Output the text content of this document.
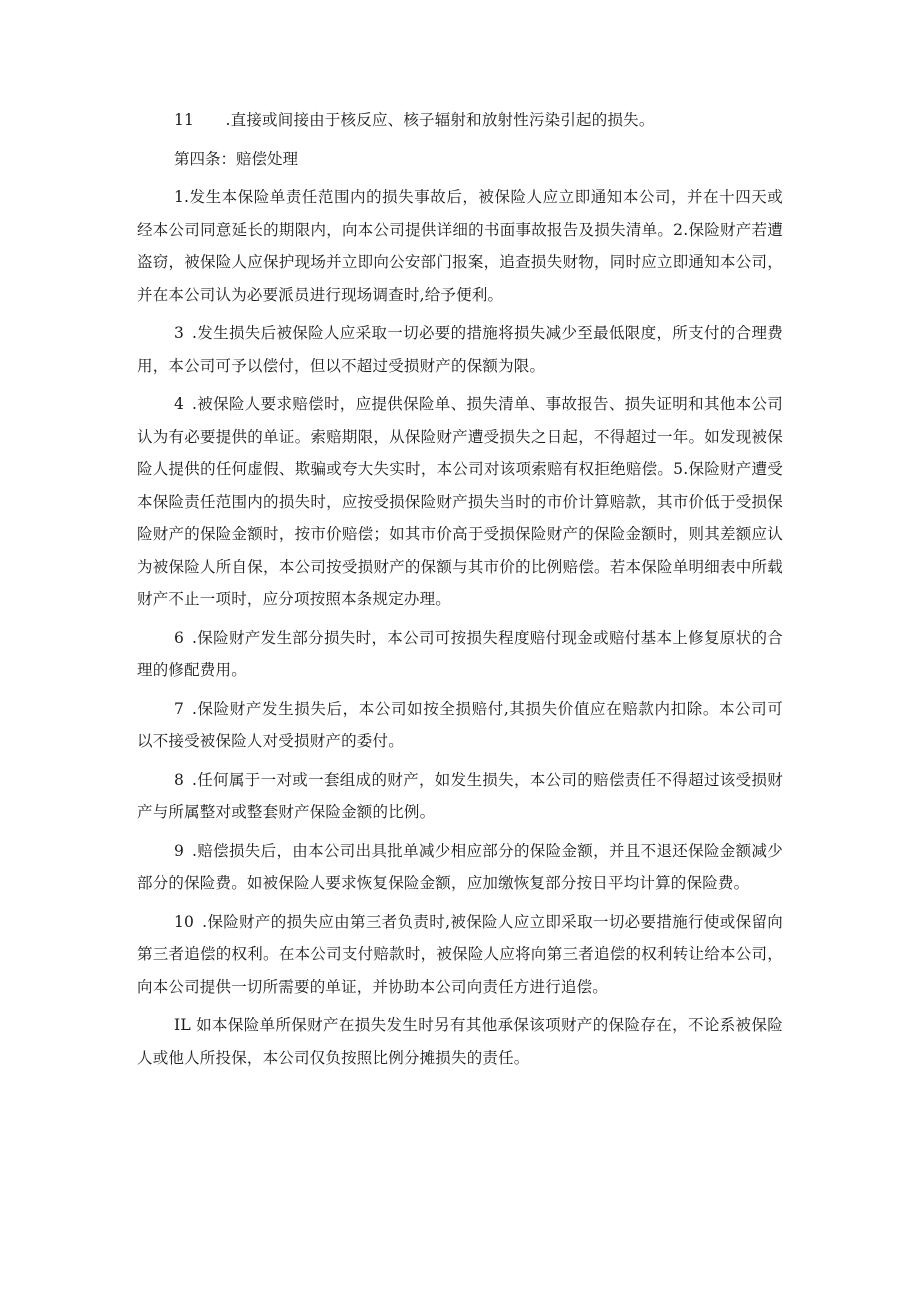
11　　.直接或间接由于核反应、核子辐射和放射性污染引起的损失。

第四条：赔偿处理

1.发生本保险单责任范围内的损失事故后，被保险人应立即通知本公司，并在十四天或经本公司同意延长的期限内，向本公司提供详细的书面事故报告及损失清单。2.保险财产若遭盗窃，被保险人应保护现场并立即向公安部门报案，追查损失财物，同时应立即通知本公司，并在本公司认为必要派员进行现场调查时,给予便利。

3 .发生损失后被保险人应采取一切必要的措施将损失减少至最低限度，所支付的合理费用，本公司可予以偿付，但以不超过受损财产的保额为限。

4 .被保险人要求赔偿时，应提供保险单、损失清单、事故报告、损失证明和其他本公司认为有必要提供的单证。索赔期限，从保险财产遭受损失之日起，不得超过一年。如发现被保险人提供的任何虚假、欺骗或夸大失实时，本公司对该项索赔有权拒绝赔偿。5.保险财产遭受本保险责任范围内的损失时，应按受损保险财产损失当时的市价计算赔款，其市价低于受损保险财产的保险金额时，按市价赔偿；如其市价高于受损保险财产的保险金额时，则其差额应认为被保险人所自保，本公司按受损财产的保额与其市价的比例赔偿。若本保险单明细表中所载财产不止一项时，应分项按照本条规定办理。

6 .保险财产发生部分损失时，本公司可按损失程度赔付现金或赔付基本上修复原状的合理的修配费用。

7 .保险财产发生损失后，本公司如按全损赔付,其损失价值应在赔款内扣除。本公司可以不接受被保险人对受损财产的委付。

8 .任何属于一对或一套组成的财产，如发生损失，本公司的赔偿责任不得超过该受损财产与所属整对或整套财产保险金额的比例。

9 .赔偿损失后，由本公司出具批单减少相应部分的保险金额，并且不退还保险金额减少部分的保险费。如被保险人要求恢复保险金额，应加缴恢复部分按日平均计算的保险费。

10 .保险财产的损失应由第三者负责时,被保险人应立即采取一切必要措施行使或保留向第三者追偿的权利。在本公司支付赔款时，被保险人应将向第三者追偿的权利转让给本公司，向本公司提供一切所需要的单证，并协助本公司向责任方进行追偿。

IL 如本保险单所保财产在损失发生时另有其他承保该项财产的保险存在，不论系被保险人或他人所投保，本公司仅负按照比例分摊损失的责任。
